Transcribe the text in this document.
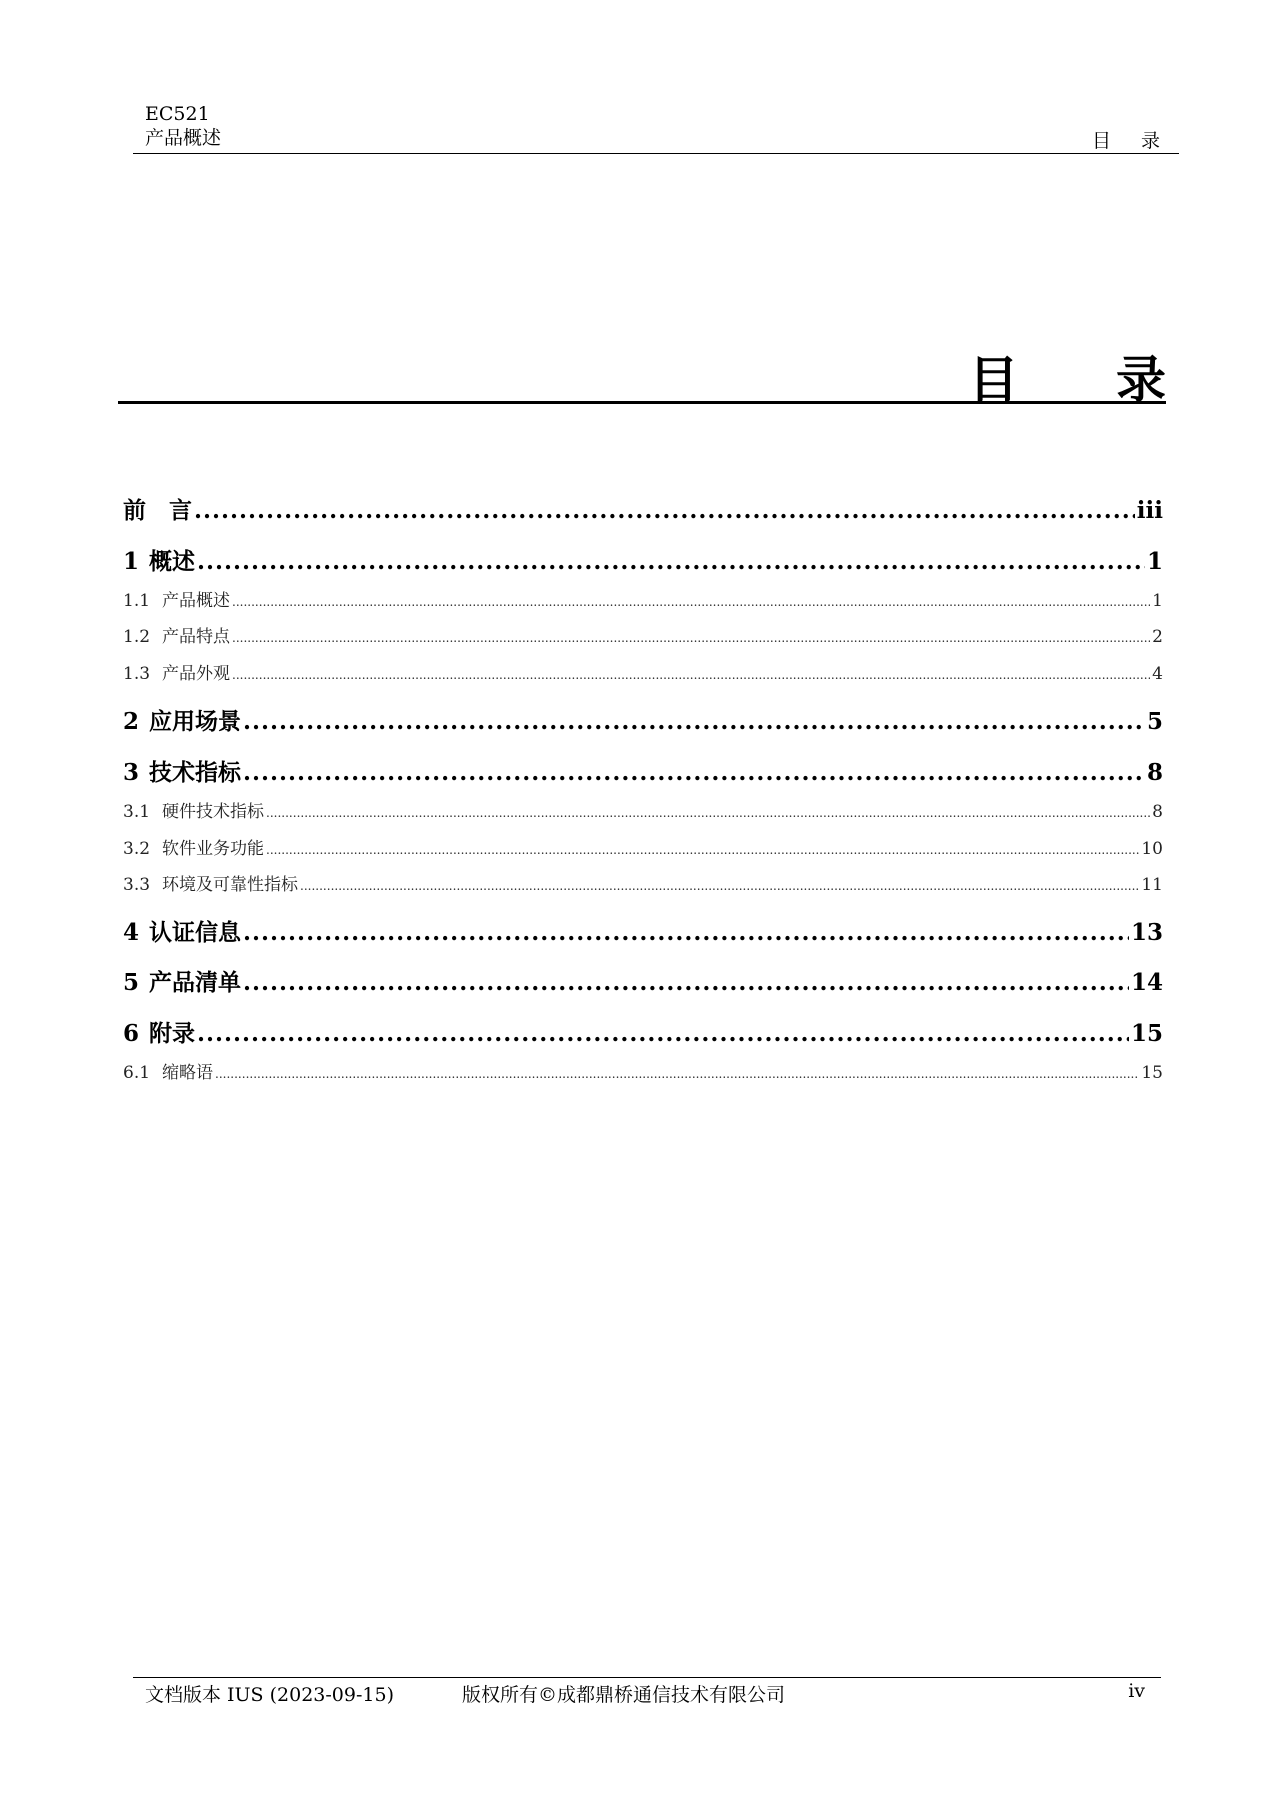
EC521
产品概述	目 录
目 录
前　言 .....	iii
1 概述 .....	1
1.1 产品概述 .....	1
1.2 产品特点 .....	2
1.3 产品外观 .....	4
2 应用场景 .....	5
3 技术指标 .....	8
3.1 硬件技术指标 .....	8
3.2 软件业务功能 .....	10
3.3 环境及可靠性指标 .....	11
4 认证信息 .....	13
5 产品清单 .....	14
6 附录 .....	15
6.1 缩略语 .....	15
文档版本 IUS (2023-09-15)	版权所有©成都鼎桥通信技术有限公司	iv
